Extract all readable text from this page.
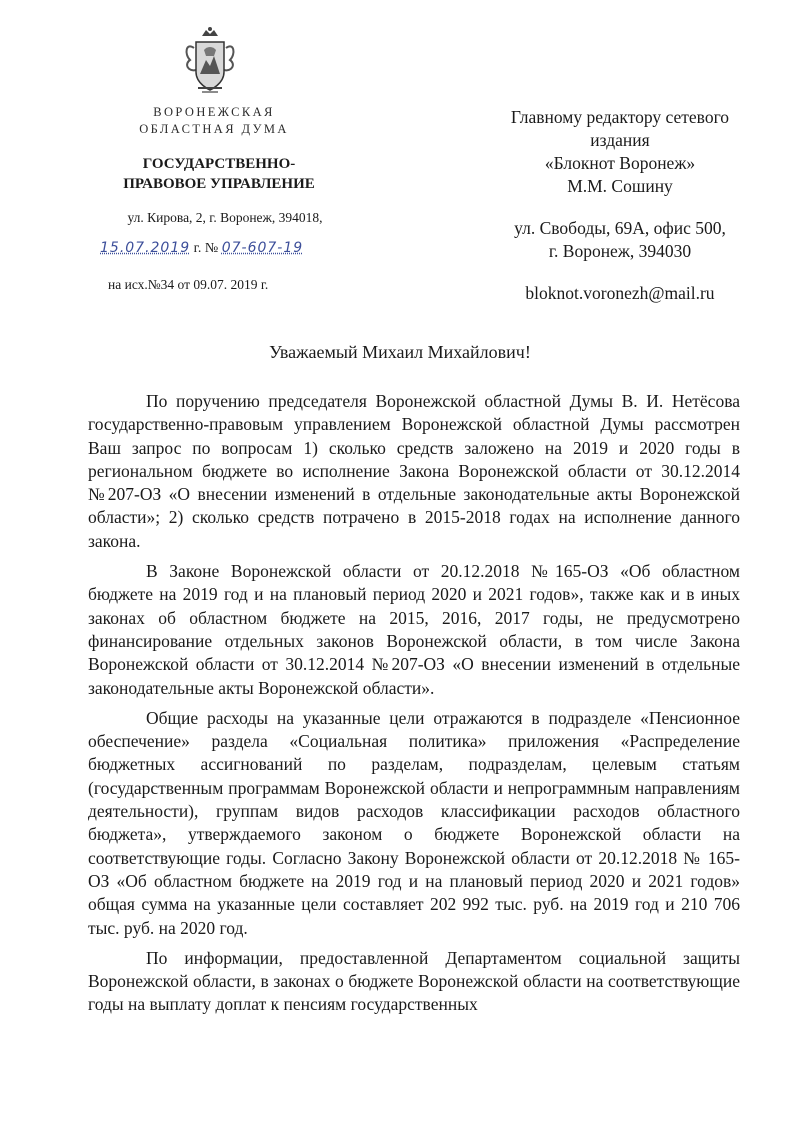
ВОРОНЕЖСКАЯ
ОБЛАСТНАЯ ДУМА
ГОСУДАРСТВЕННО-
ПРАВОВОЕ УПРАВЛЕНИЕ
ул. Кирова, 2, г. Воронеж, 394018,
15.07.2019 г. № 07-607-19
на исх.№34 от 09.07. 2019 г.
Главному редактору сетевого
издания
«Блокнот Воронеж»
М.М. Сошину
ул. Свободы, 69А, офис 500,
г. Воронеж, 394030
bloknot.voronezh@mail.ru
Уважаемый Михаил Михайлович!

По поручению председателя Воронежской областной Думы В. И. Нетёсова государственно-правовым управлением Воронежской областной Думы рассмотрен Ваш запрос по вопросам 1) сколько средств заложено на 2019 и 2020 годы в региональном бюджете во исполнение Закона Воронежской области от 30.12.2014 №207-ОЗ «О внесении изменений в отдельные законодательные акты Воронежской области»; 2) сколько средств потрачено в 2015-2018 годах на исполнение данного закона.

В Законе Воронежской области от 20.12.2018 №165-ОЗ «Об областном бюджете на 2019 год и на плановый период 2020 и 2021 годов», также как и в иных законах об областном бюджете на 2015, 2016, 2017 годы, не предусмотрено финансирование отдельных законов Воронежской области, в том числе Закона Воронежской области от 30.12.2014 №207-ОЗ «О внесении изменений в отдельные законодательные акты Воронежской области».

Общие расходы на указанные цели отражаются в подразделе «Пенсионное обеспечение» раздела «Социальная политика» приложения «Распределение бюджетных ассигнований по разделам, подразделам, целевым статьям (государственным программам Воронежской области и непрограммным направлениям деятельности), группам видов расходов классификации расходов областного бюджета», утверждаемого законом о бюджете Воронежской области на соответствующие годы. Согласно Закону Воронежской области от 20.12.2018 № 165-ОЗ «Об областном бюджете на 2019 год и на плановый период 2020 и 2021 годов» общая сумма на указанные цели составляет 202 992 тыс. руб. на 2019 год и 210 706 тыс. руб. на 2020 год.

По информации, предоставленной Департаментом социальной защиты Воронежской области, в законах о бюджете Воронежской области на соответствующие годы на выплату доплат к пенсиям государственных
